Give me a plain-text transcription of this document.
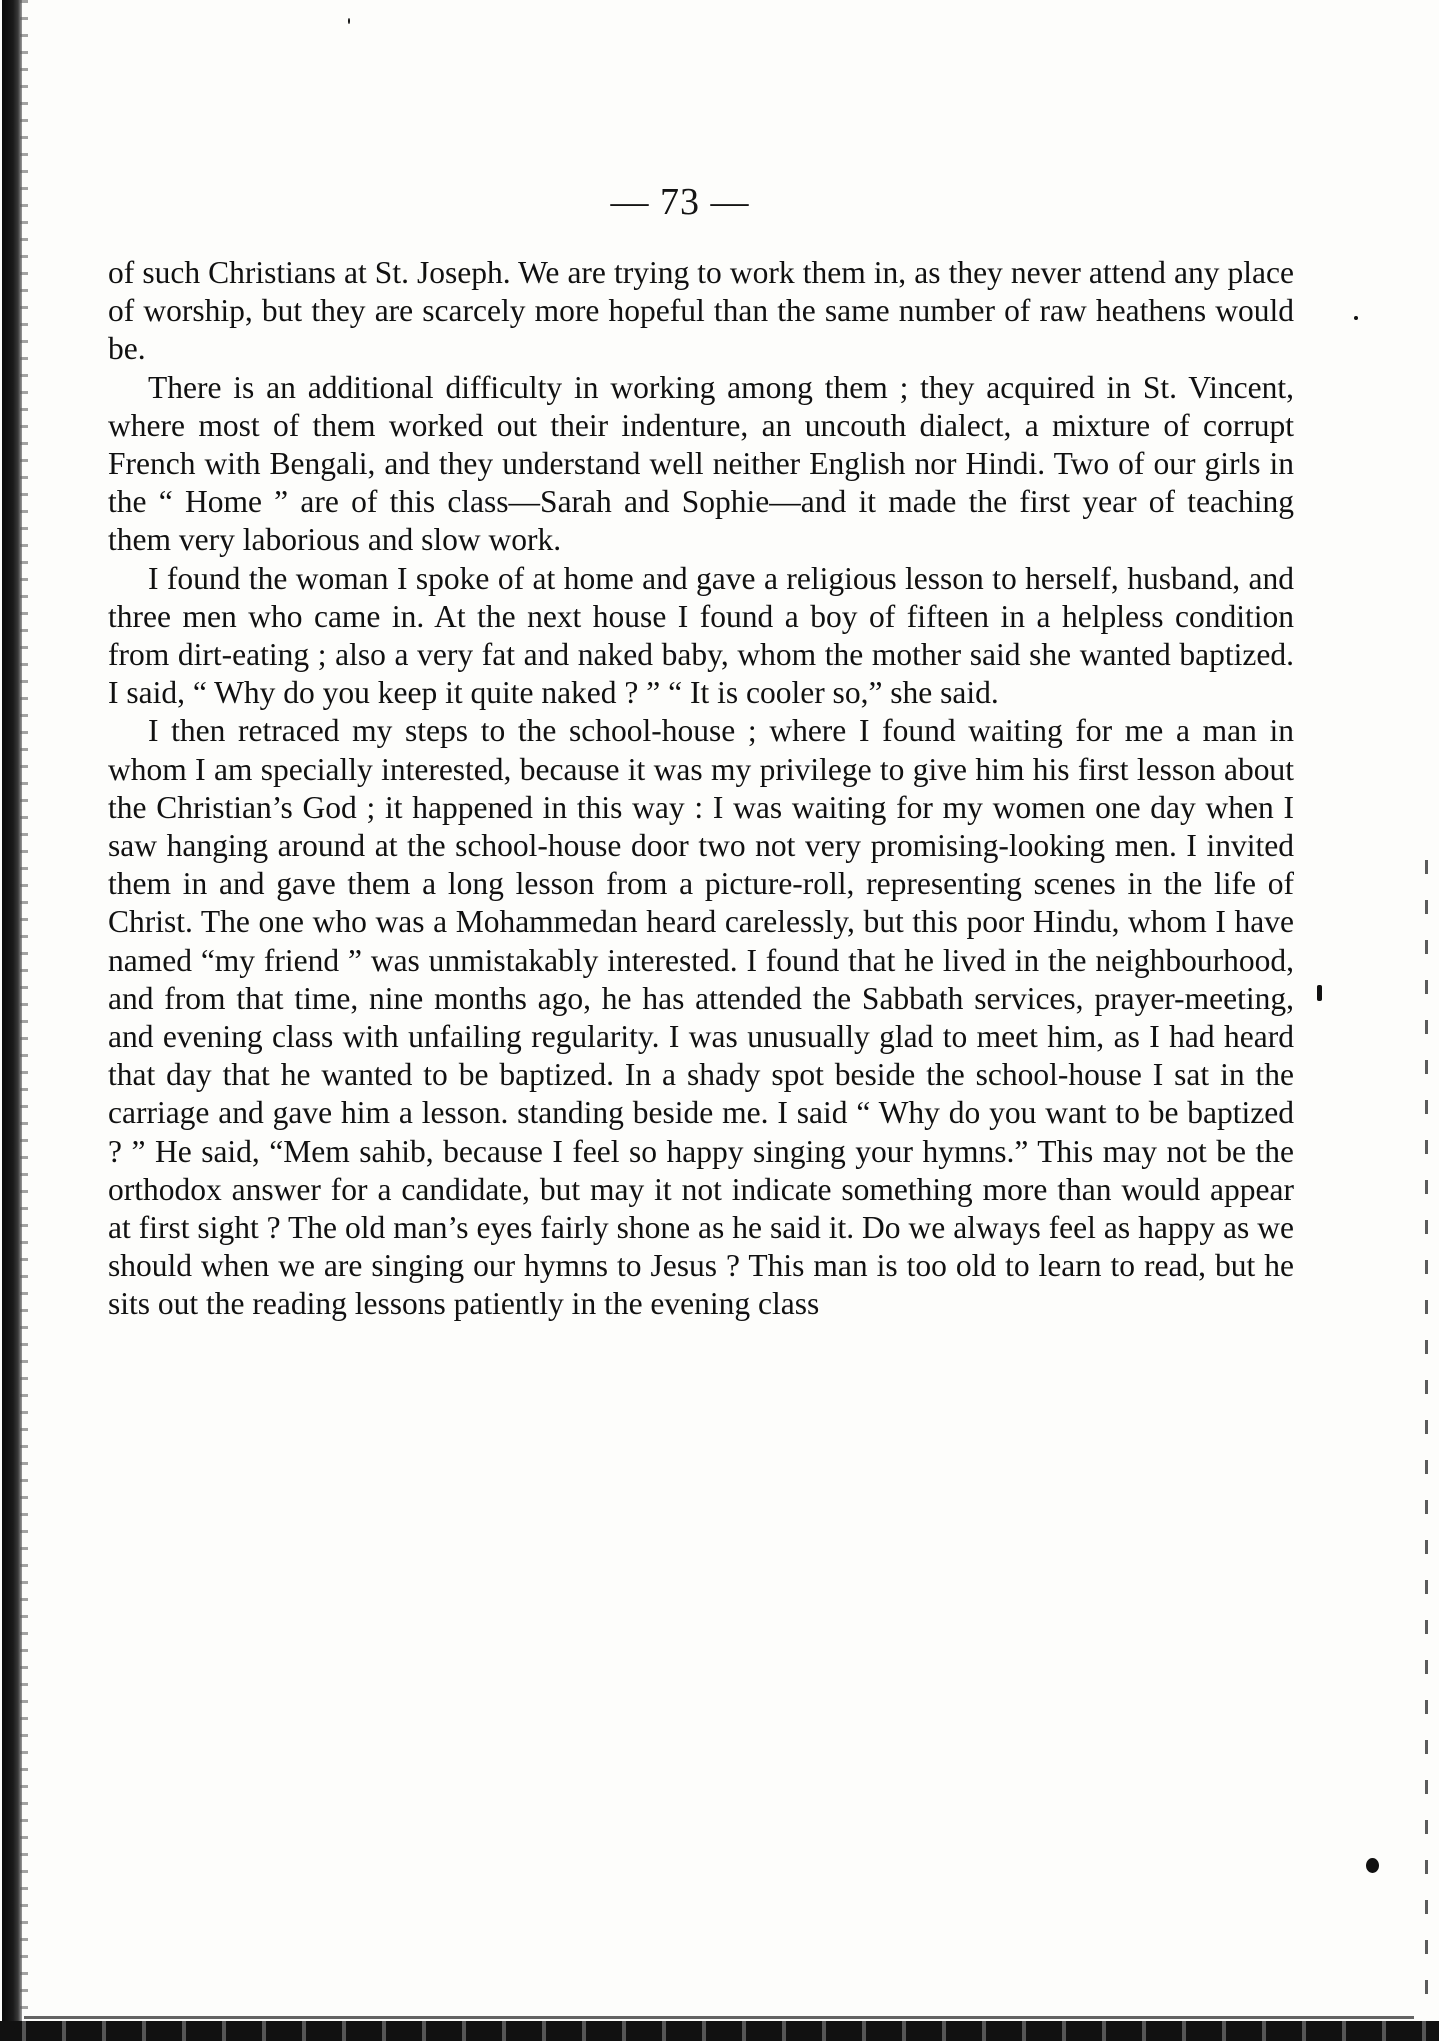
— 73 —

of such Christians at St. Joseph. We are trying to work them in, as they never attend any place of worship, but they are scarcely more hopeful than the same number of raw heathens would be.

There is an additional difficulty in working among them ; they acquired in St. Vincent, where most of them worked out their indenture, an uncouth dialect, a mixture of corrupt French with Bengali, and they understand well neither English nor Hindi. Two of our girls in the “ Home ” are of this class—Sarah and Sophie—and it made the first year of teaching them very laborious and slow work.

I found the woman I spoke of at home and gave a religious lesson to herself, husband, and three men who came in. At the next house I found a boy of fifteen in a helpless condition from dirt-eating ; also a very fat and naked baby, whom the mother said she wanted baptized. I said, “ Why do you keep it quite naked ? ” “ It is cooler so,” she said.

I then retraced my steps to the school-house ; where I found waiting for me a man in whom I am specially interested, because it was my privilege to give him his first lesson about the Christian’s God ; it happened in this way : I was waiting for my women one day when I saw hanging around at the school-house door two not very promising-looking men. I invited them in and gave them a long lesson from a picture-roll, representing scenes in the life of Christ. The one who was a Mohammedan heard carelessly, but this poor Hindu, whom I have named “my friend ” was unmistakably interested. I found that he lived in the neighbourhood, and from that time, nine months ago, he has attended the Sabbath services, prayer-meeting, and evening class with unfailing regularity. I was unusually glad to meet him, as I had heard that day that he wanted to be baptized. In a shady spot beside the school-house I sat in the carriage and gave him a lesson. standing beside me. I said “ Why do you want to be baptized ? ” He said, “Mem sahib, because I feel so happy singing your hymns.” This may not be the orthodox answer for a candidate, but may it not indicate something more than would appear at first sight ? The old man’s eyes fairly shone as he said it. Do we always feel as happy as we should when we are singing our hymns to Jesus ? This man is too old to learn to read, but he sits out the reading lessons patiently in the evening class
